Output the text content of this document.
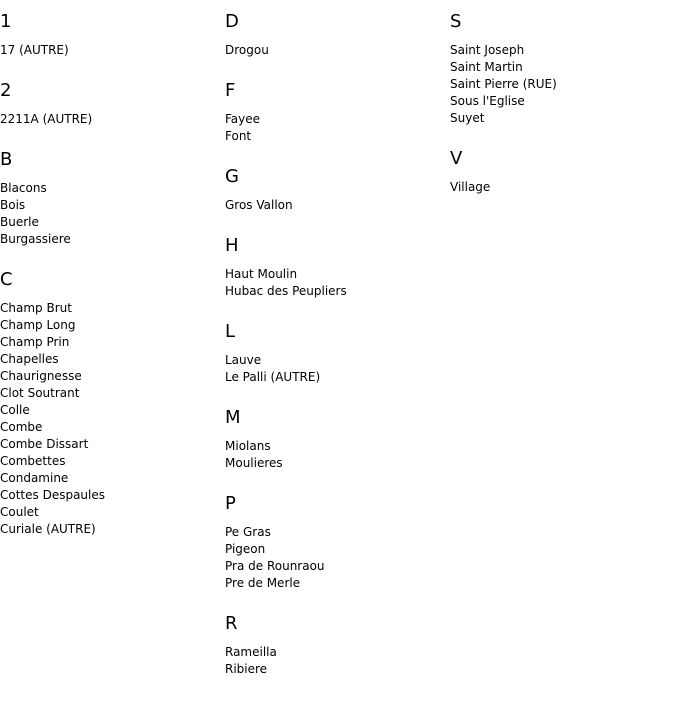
1
17 (AUTRE)
2
2211A (AUTRE)
B
Blacons
Bois
Buerle
Burgassiere
C
Champ Brut
Champ Long
Champ Prin
Chapelles
Chaurignesse
Clot Soutrant
Colle
Combe
Combe Dissart
Combettes
Condamine
Cottes Despaules
Coulet
Curiale (AUTRE)
D
Drogou
F
Fayee
Font
G
Gros Vallon
H
Haut Moulin
Hubac des Peupliers
L
Lauve
Le Palli (AUTRE)
M
Miolans
Moulieres
P
Pe Gras
Pigeon
Pra de Rounraou
Pre de Merle
R
Rameilla
Ribiere
S
Saint Joseph
Saint Martin
Saint Pierre (RUE)
Sous l'Eglise
Suyet
V
Village
